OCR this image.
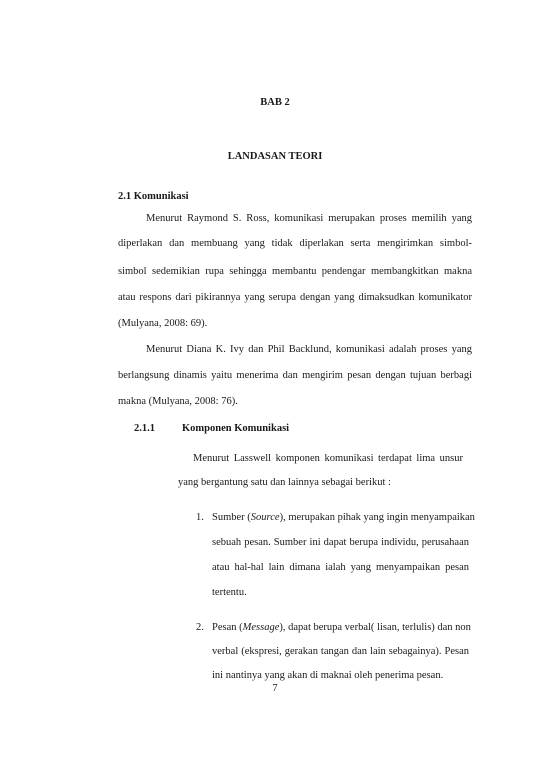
BAB 2
LANDASAN TEORI
2.1 Komunikasi
Menurut Raymond S. Ross, komunikasi merupakan proses memilih yang
diperlakan dan membuang yang tidak diperlakan serta mengirimkan simbol-
simbol sedemikian rupa sehingga membantu pendengar membangkitkan makna
atau respons dari pikirannya yang serupa dengan yang dimaksudkan komunikator
(Mulyana, 2008: 69).
Menurut Diana K. Ivy dan Phil Backlund, komunikasi adalah proses yang
berlangsung dinamis yaitu menerima dan mengirim pesan dengan tujuan berbagi
makna (Mulyana, 2008: 76).
2.1.1	Komponen Komunikasi
Menurut Lasswell komponen komunikasi terdapat lima unsur
yang bergantung satu dan lainnya sebagai berikut :
1. Sumber (Source), merupakan pihak yang ingin menyampaikan
sebuah pesan. Sumber ini dapat berupa individu, perusahaan
atau hal-hal lain dimana ialah yang menyampaikan pesan
tertentu.
2. Pesan (Message), dapat berupa verbal( lisan, terlulis) dan non
verbal (ekspresi, gerakan tangan dan lain sebagainya). Pesan
ini nantinya yang akan di maknai oleh penerima pesan.
7
